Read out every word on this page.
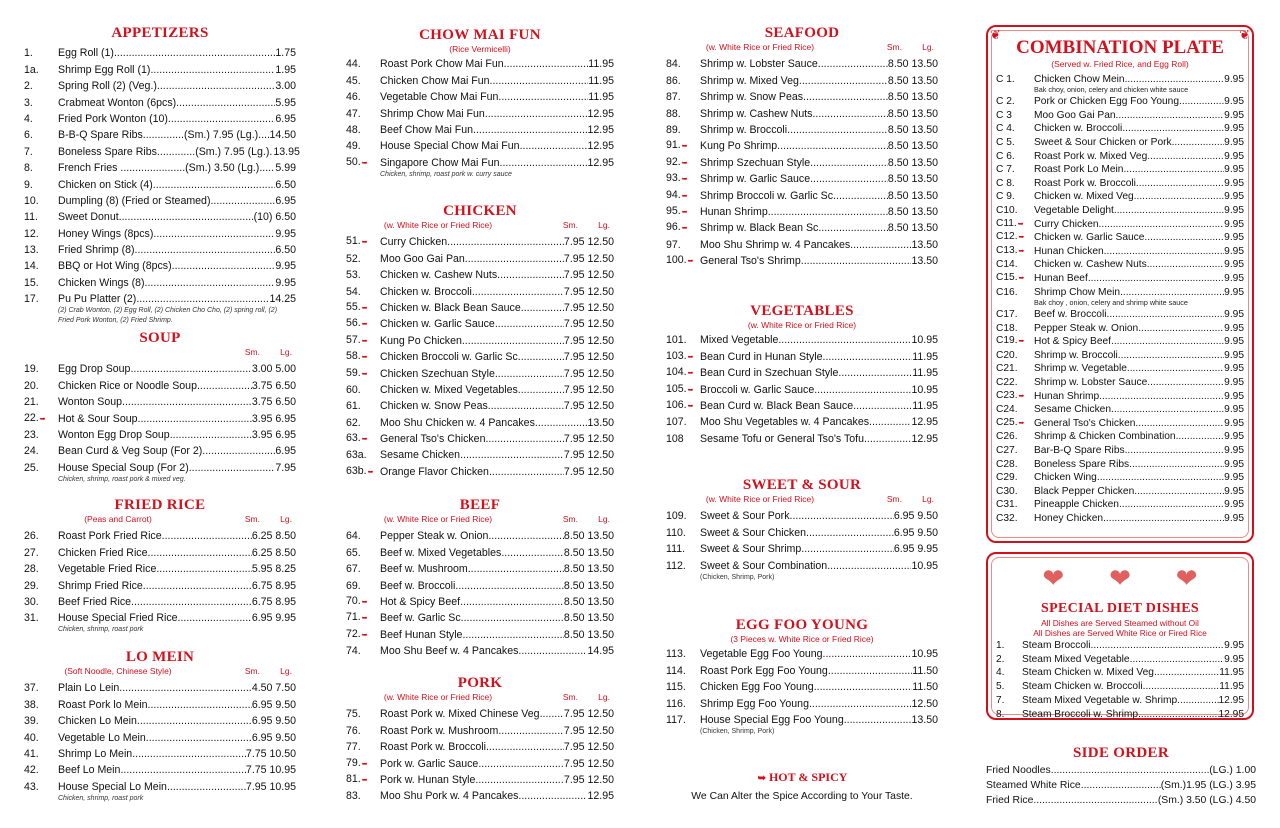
APPETIZERS
1.	Egg Roll (1) .....	1.75
1a.	Shrimp Egg Roll (1) .....	1.95
2.	Spring Roll (2) (Veg.) .....	3.00
3.	Crabmeat Wonton (6pcs) .....	5.95
4.	Fried Pork Wonton (10) .....	6.95
6.	B-B-Q Spare Ribs..............(Sm.) 7.95 (Lg.) ..... 14.50
7.	Boneless Spare Ribs.............(Sm.) 7.95 (Lg.) ..... 13.95
8.	French Fries ......................(Sm.) 3.50 (Lg.) ..... 5.99
9.	Chicken on Stick (4) .....	6.50
10.	Dumpling (8) (Fried or Steamed) .....	6.95
11.	Sweet Donut .....	(10) 6.50
12.	Honey Wings (8pcs) .....	9.95
13.	Fried Shrimp (8) .....	6.50
14.	BBQ or Hot Wing (8pcs) .....	9.95
15.	Chicken Wings (8) .....	9.95
17.	Pu Pu Platter (2) .....	14.25
(2) Crab Wonton, (2) Egg Roll, (2) Chicken Cho Cho, (2) spring roll, (2)
Fried Pork Wonton, (2) Fried Shrimp.
SOUP
Sm. Lg.
19.	Egg Drop Soup .....	3.00 5.00
20.	Chicken Rice or Noodle Soup .....	3.75 6.50
21.	Wonton Soup .....	3.75 6.50
22.➥	Hot & Sour Soup .....	3.95 6.95
23.	Wonton Egg Drop Soup .....	3.95 6.95
24.	Bean Curd & Veg Soup (For 2) .....	6.95
25.	House Special Soup (For 2) .....	7.95
Chicken, shrimp, roast pork & mixed veg.
FRIED RICE
(Peas and Carrot)	Sm. Lg.
26.	Roast Pork Fried Rice .....	6.25 8.50
27.	Chicken Fried Rice .....	6.25 8.50
28.	Vegetable Fried Rice .....	5.95 8.25
29.	Shrimp Fried Rice .....	6.75 8.95
30.	Beef Fried Rice .....	6.75 8.95
31.	House Special Fried Rice .....	6.95 9.95
Chicken, shrimp, roast pork
LO MEIN
(Soft Noodle, Chinese Style)	Sm. Lg.
37.	Plain Lo Lein .....	4.50 7.50
38.	Roast Pork lo Mein .....	6.95 9.50
39.	Chicken Lo Mein .....	6.95 9.50
40.	Vegetable Lo Mein .....	6.95 9.50
41.	Shrimp Lo Mein .....	7.75 10.50
42.	Beef Lo Mein .....	7.75 10.95
43.	House Special Lo Mein .....	7.95 10.95
Chicken, shrimp, roast pork
CHOW MAI FUN
(Rice Vermicelli)
44.	Roast Pork Chow Mai Fun .....	11.95
45.	Chicken Chow Mai Fun .....	11.95
46.	Vegetable Chow Mai Fun .....	11.95
47.	Shrimp Chow Mai Fun .....	12.95
48.	Beef Chow Mai Fun .....	12.95
49.	House Special Chow Mai Fun .....	12.95
50.➥	Singapore Chow Mai Fun .....	12.95
Chicken, shrimp, roast pork w. curry sauce
CHICKEN
(w. White Rice or Fried Rice)	Sm. Lg.
51.➥	Curry Chicken .....	7.95 12.50
52.	Moo Goo Gai Pan .....	7.95 12.50
53.	Chicken w. Cashew Nuts .....	7.95 12.50
54.	Chicken w. Broccoli .....	7.95 12.50
55.➥	Chicken w. Black Bean Sauce .....	7.95 12.50
56.➥	Chicken w. Garlic Sauce .....	7.95 12.50
57.➥	Kung Po Chicken .....	7.95 12.50
58.➥	Chicken Broccoli w. Garlic Sc. .....	7.95 12.50
59.➥	Chicken Szechuan Style .....	7.95 12.50
60.	Chicken w. Mixed Vegetables .....	7.95 12.50
61.	Chicken w. Snow Peas .....	7.95 12.50
62.	Moo Shu Chicken w. 4 Pancakes .....	13.50
63.➥	General Tso's Chicken .....	7.95 12.50
63a.	Sesame Chicken .....	7.95 12.50
63b.➥ Orange Flavor Chicken .....	7.95 12.50
BEEF
(w. White Rice or Fried Rice)	Sm. Lg.
64.	Pepper Steak w. Onion .....	8.50 13.50
65.	Beef w. Mixed Vegetables .....	8.50 13.50
67.	Beef w. Mushroom .....	8.50 13.50
69.	Beef w. Broccoli .....	8.50 13.50
70.➥	Hot & Spicy Beef .....	8.50 13.50
71.➥	Beef w. Garlic Sc. .....	8.50 13.50
72.➥	Beef Hunan Style .....	8.50 13.50
74.	Moo Shu Beef w. 4 Pancakes .....	14.95
PORK
(w. White Rice or Fried Rice)	Sm. Lg.
75.	Roast Pork w. Mixed Chinese Veg ..... 7.95 12.50
76.	Roast Pork w. Mushroom .....	7.95 12.50
77.	Roast Pork w. Broccoli .....	7.95 12.50
79.➥	Pork w. Garlic Sauce. .....	7.95 12.50
81.➥	Pork w. Hunan Style .....	7.95 12.50
83.	Moo Shu Pork w. 4 Pancakes .....	12.95
SEAFOOD
(w. White Rice or Fried Rice)	Sm. Lg.
84.	Shrimp w. Lobster Sauce .....	8.50 13.50
86.	Shrimp w. Mixed Veg .....	8.50 13.50
87.	Shrimp w. Snow Peas .....	8.50 13.50
88.	Shrimp w. Cashew Nuts .....	8.50 13.50
89.	Shrimp w. Broccoli .....	8.50 13.50
91.➥	Kung Po Shrimp .....	8.50 13.50
92.➥	Shrimp Szechuan Style .....	8.50 13.50
93.➥	Shrimp w. Garlic Sauce .....	8.50 13.50
94.➥	Shrimp Broccoli w. Garlic Sc. .....	8.50 13.50
95.➥	Hunan Shrimp .....	8.50 13.50
96.➥	Shrimp w. Black Bean Sc. .....	8.50 13.50
97.	Moo Shu Shrimp w. 4 Pancakes .....	13.50
100.➥ General Tso's Shrimp .....	13.50
VEGETABLES
(w. White Rice or Fried Rice)
101.	Mixed Vegetable .....	10.95
103.➥ Bean Curd in Hunan Style .....	11.95
104.➥ Bean Curd in Szechuan Style .....	11.95
105.➥ Broccoli w. Garlic Sauce .....	10.95
106.➥ Bean Curd w. Black Bean Sauce .....	11.95
107.	Moo Shu Vegetables w. 4 Pancakes .....	12.95
108	Sesame Tofu or General Tso's Tofu .....	12.95
SWEET & SOUR
(w. White Rice or Fried Rice)	Sm. Lg.
109.	Sweet & Sour Pork .....	6.95 9.50
110.	Sweet & Sour Chicken .....	6.95 9.50
111.	Sweet & Sour Shrimp .....	6.95 9.95
112.	Sweet & Sour Combination .....	10.95
(Chicken, Shrimp, Pork)
EGG FOO YOUNG
(3 Pieces w. White Rice or Fried Rice)
113.	Vegetable Egg Foo Young .....	10.95
114.	Roast Pork Egg Foo Young .....	11.50
115.	Chicken Egg Foo Young .....	11.50
116.	Shrimp Egg Foo Young .....	12.50
117.	House Special Egg Foo Young .....	13.50
(Chicken, Shrimp, Pork)
➥ HOT & SPICY
We Can Alter the Spice According to Your Taste.
❦	❦
COMBINATION PLATE
(Served w. Fried Rice, and Egg Roll)
C 1.	Chicken Chow Mein .....	9.95
Bak choy, onion, celery and chicken white sauce
C 2.	Pork or Chicken Egg Foo Young .....	9.95
C 3	Moo Goo Gai Pan .....	9.95
C 4.	Chicken w. Broccoli .....	9.95
C 5.	Sweet & Sour Chicken or Pork .....	9.95
C 6.	Roast Pork w. Mixed Veg .....	9.95
C 7.	Roast Pork Lo Mein .....	9.95
C 8.	Roast Pork w. Broccoli .....	9.95
C 9.	Chicken w. Mixed Veg .....	9.95
C10.	Vegetable Delight .....	9.95
C11.➥	Curry Chicken .....	9.95
C12.➥ Chicken w. Garlic Sauce .....	9.95
C13.➥ Hunan Chicken .....	9.95
C14.	Chicken w. Cashew Nuts .....	9.95
C15.➥ Hunan Beef .....	9.95
C16.	Shrimp Chow Mein .....	9.95
Bak choy , onion, celery and shrimp white sauce
C17.	Beef w. Broccoli .....	9.95
C18.	Pepper Steak w. Onion .....	9.95
C19.➥ Hot & Spicy Beef .....	9.95
C20.	Shrimp w. Broccoli .....	9.95
C21.	Shrimp w. Vegetable .....	9.95
C22.	Shrimp w. Lobster Sauce. .....	9.95
C23.➥ Hunan Shrimp .....	9.95
C24.	Sesame Chicken .....	9.95
C25.➥ General Tso's Chicken .....	9.95
C26.	Shrimp & Chicken Combination .....	9.95
C27.	Bar-B-Q Spare Ribs .....	9.95
C28.	Boneless Spare Ribs .....	9.95
C29.	Chicken Wing .....	9.95
C30.	Black Pepper Chicken .....	9.95
C31.	Pineapple Chicken .....	9.95
C32.	Honey Chicken .....	9.95
❤ ❤ ❤
SPECIAL DIET DISHES
All Dishes are Served Steamed without Oil
All Dishes are Served White Rice or Fired Rice
1.	Steam Broccoli .....	9.95
2.	Steam Mixed Vegetable .....	9.95
4.	Steam Chicken w. Mixed Veg .....	11.95
5.	Steam Chicken w. Broccoli .....	11.95
7.	Steam Mixed Vegetable w. Shrimp .....	12.95
8.	Steam Broccoli w. Shrimp .....	12.95
SIDE ORDER
Fried Noodles .....	(LG.) 1.00
Steamed White Rice .....	(Sm.)1.95 (LG.) 3.95
Fried Rice .....	(Sm.) 3.50 (LG.) 4.50
